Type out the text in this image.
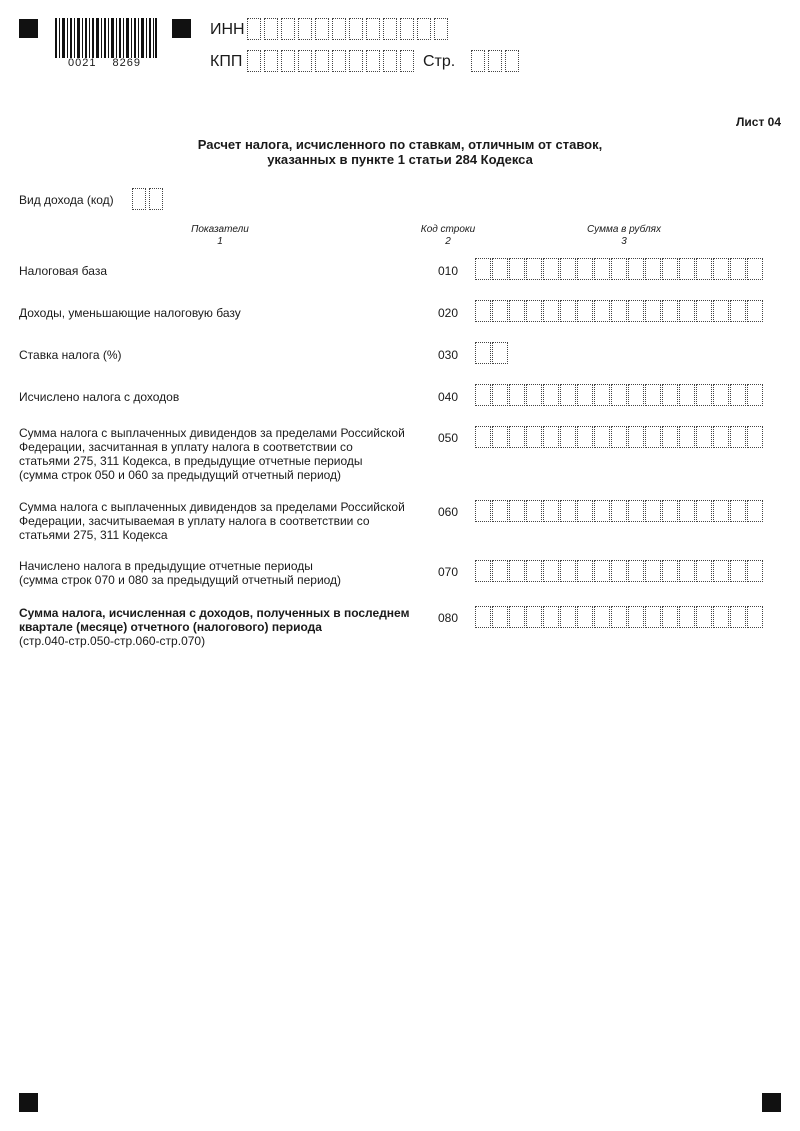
0021 8269
ИНН
КПП	Стр.
Лист 04
Расчет налога, исчисленного по ставкам, отличным от ставок,
указанных в пункте 1 статьи 284 Кодекса
Вид дохода (код)
Показатели
1
Код строки
2
Сумма в рублях
3
Налоговая база	010
Доходы, уменьшающие налоговую базу	020
Ставка налога (%)	030
Исчислено налога с доходов	040
Сумма налога с выплаченных дивидендов за пределами Российской
Федерации, засчитанная в уплату налога в соответствии со
статьями 275, 311 Кодекса, в предыдущие отчетные периоды
(сумма строк 050 и 060 за предыдущий отчетный период)
050
Сумма налога с выплаченных дивидендов за пределами Российской
Федерации, засчитываемая в уплату налога в соответствии со
статьями 275, 311 Кодекса
060
Начислено налога в предыдущие отчетные периоды
(сумма строк 070 и 080 за предыдущий отчетный период)
070
Сумма налога, исчисленная с доходов, полученных в последнем
квартале (месяце) отчетного (налогового) периода
(стр.040-стр.050-стр.060-стр.070)
080
